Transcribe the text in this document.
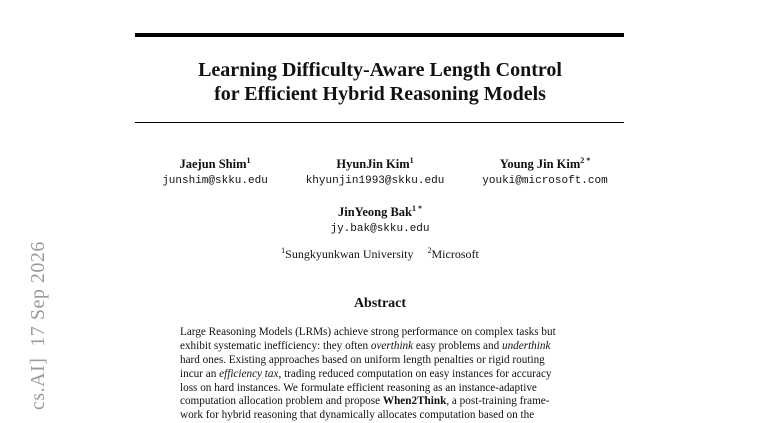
Learning Difficulty-Aware Length Control
for Efficient Hybrid Reasoning Models
Jaejun Shim$^1$
junshim@skku.edu
HyunJin Kim$^1$
khyunjin1993@skku.edu
Young Jin Kim$^{2 *}$
youki@microsoft.com
JinYeong Bak$^{1 *}$
jy.bak@skku.edu
$^1$Sungkyunkwan University $^2$Microsoft
Abstract
Large Reasoning Models (LRMs) achieve strong performance on complex tasks but
exhibit systematic inefficiency: they often overthink easy problems and underthink
hard ones. Existing approaches based on uniform length penalties or rigid routing
incur an efficiency tax, trading reduced computation on easy instances for accuracy
loss on hard instances. We formulate efficient reasoning as an instance-adaptive
computation allocation problem and propose When2Think, a post-training frame-
work for hybrid reasoning that dynamically allocates computation based on the
cs.AI]  17 Sep 2026
